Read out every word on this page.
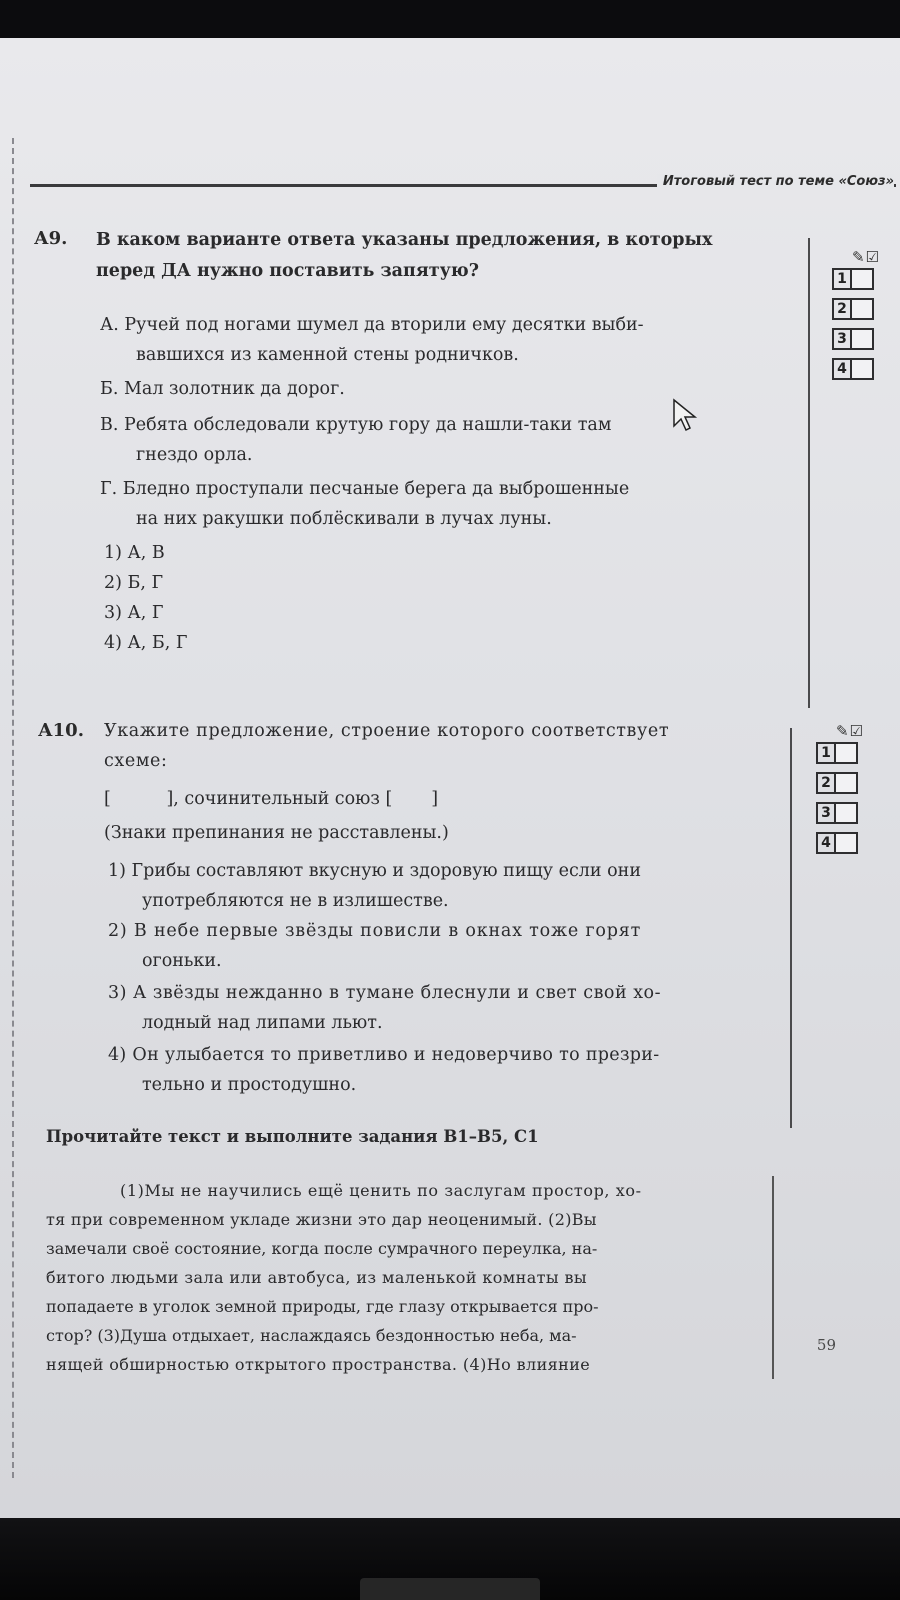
Итоговый тест по теме «Союз»
А9. В каком варианте ответа указаны предложения, в которых
перед ДА нужно поставить запятую?
А. Ручей под ногами шумел да вторили ему десятки выби-
вавшихся из каменной стены родничков.
Б. Мал золотник да дорог.
В. Ребята обследовали крутую гору да нашли-таки там
гнездо орла.
Г. Бледно проступали песчаные берега да выброшенные
на них ракушки поблёскивали в лучах луны.
1) А, В
2) Б, Г
3) А, Г
4) А, Б, Г
✎☑
1
2
3
4
А10. Укажите предложение, строение которого соответствует
схеме:
[          ], сочинительный союз [       ]
(Знаки препинания не расставлены.)
1) Грибы составляют вкусную и здоровую пищу если они
употребляются не в излишестве.
2) В небе первые звёзды повисли в окнах тоже горят
огоньки.
3) А звёзды нежданно в тумане блеснули и свет свой хо-
лодный над липами льют.
4) Он улыбается то приветливо и недоверчиво то презри-
тельно и простодушно.
✎☑
1
2
3
4
Прочитайте текст и выполните задания В1–В5, С1
(1)Мы не научились ещё ценить по заслугам простор, хо-
тя при современном укладе жизни это дар неоценимый. (2)Вы
замечали своё состояние, когда после сумрачного переулка, на-
битого людьми зала или автобуса, из маленькой комнаты вы
попадаете в уголок земной природы, где глазу открывается про-
стор? (3)Душа отдыхает, наслаждаясь бездонностью неба, ма-
нящей обширностью открытого пространства. (4)Но влияние
59
